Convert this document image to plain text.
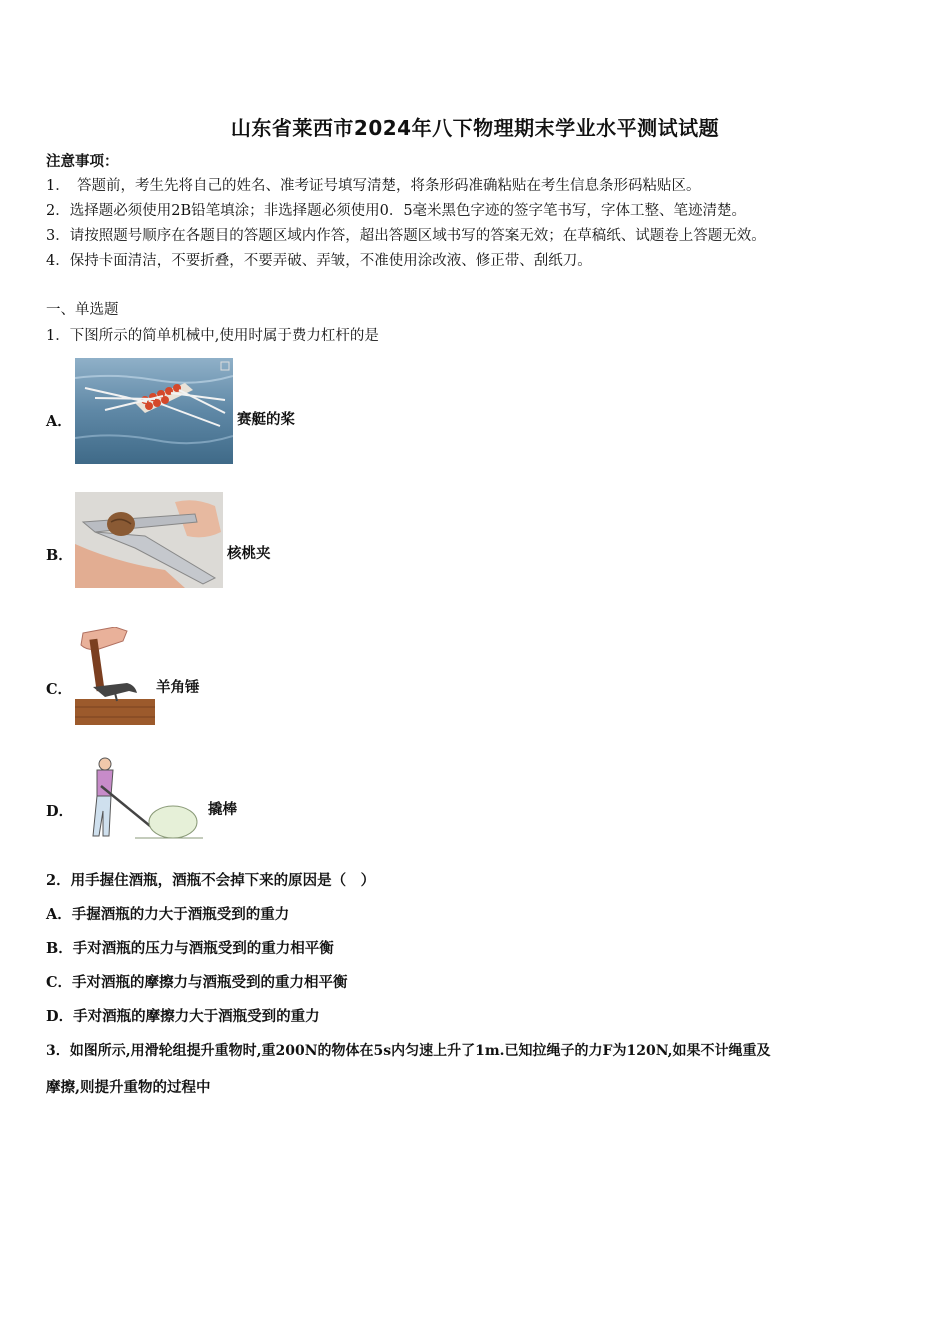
山东省莱西市2024年八下物理期末学业水平测试试题
注意事项：
1．　答题前，考生先将自己的姓名、准考证号填写清楚，将条形码准确粘贴在考生信息条形码粘贴区。
2．选择题必须使用2B铅笔填涂；非选择题必须使用0．5毫米黑色字迹的签字笔书写，字体工整、笔迹清楚。
3．请按照题号顺序在各题目的答题区域内作答，超出答题区域书写的答案无效；在草稿纸、试题卷上答题无效。
4．保持卡面清洁，不要折叠，不要弄破、弄皱，不准使用涂改液、修正带、刮纸刀。
一、单选题
1．下图所示的简单机械中,使用时属于费力杠杆的是
A．	赛艇的桨
B．	核桃夹
C．	羊角锤
D．	撬棒
2．用手握住酒瓶，酒瓶不会掉下来的原因是（　）
A．手握酒瓶的力大于酒瓶受到的重力
B．手对酒瓶的压力与酒瓶受到的重力相平衡
C．手对酒瓶的摩擦力与酒瓶受到的重力相平衡
D．手对酒瓶的摩擦力大于酒瓶受到的重力
3．如图所示,用滑轮组提升重物时,重200N的物体在5s内匀速上升了1m.已知拉绳子的力F为120N,如果不计绳重及
摩擦,则提升重物的过程中
